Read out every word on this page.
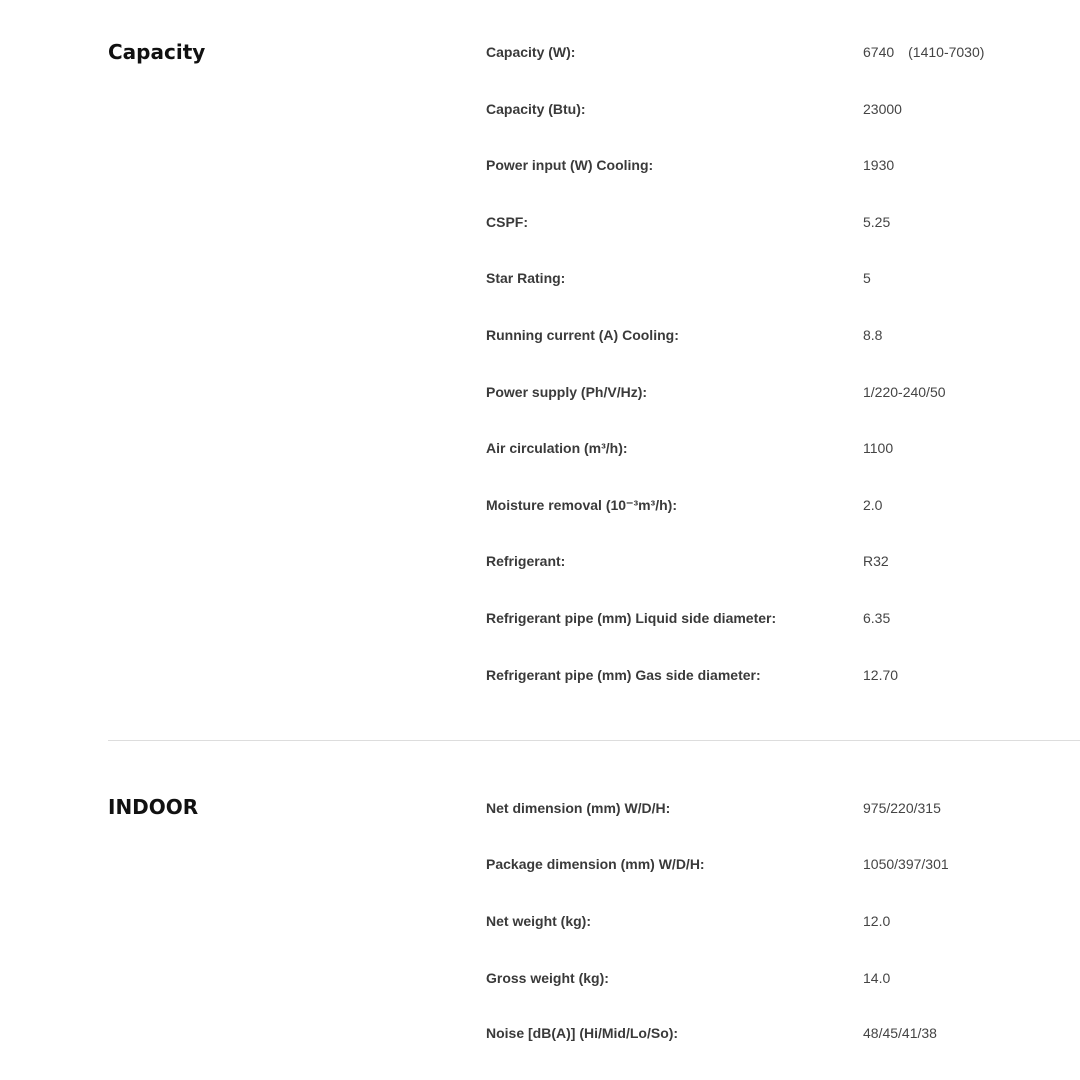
Capacity	Capacity (W):	6740　(1410-7030)
Capacity (Btu):	23000
Power input (W) Cooling:	1930
CSPF:	5.25
Star Rating:	5
Running current (A) Cooling:	8.8
Power supply (Ph/V/Hz):	1/220-240/50
Air circulation (m³/h):	1100
Moisture removal (10⁻³m³/h):	2.0
Refrigerant:	R32
Refrigerant pipe (mm) Liquid side diameter:	6.35
Refrigerant pipe (mm) Gas side diameter:	12.70
INDOOR	Net dimension (mm) W/D/H:	975/220/315
Package dimension (mm) W/D/H:	1050/397/301
Net weight (kg):	12.0
Gross weight (kg):	14.0
Noise [dB(A)] (Hi/Mid/Lo/So):	48/45/41/38
